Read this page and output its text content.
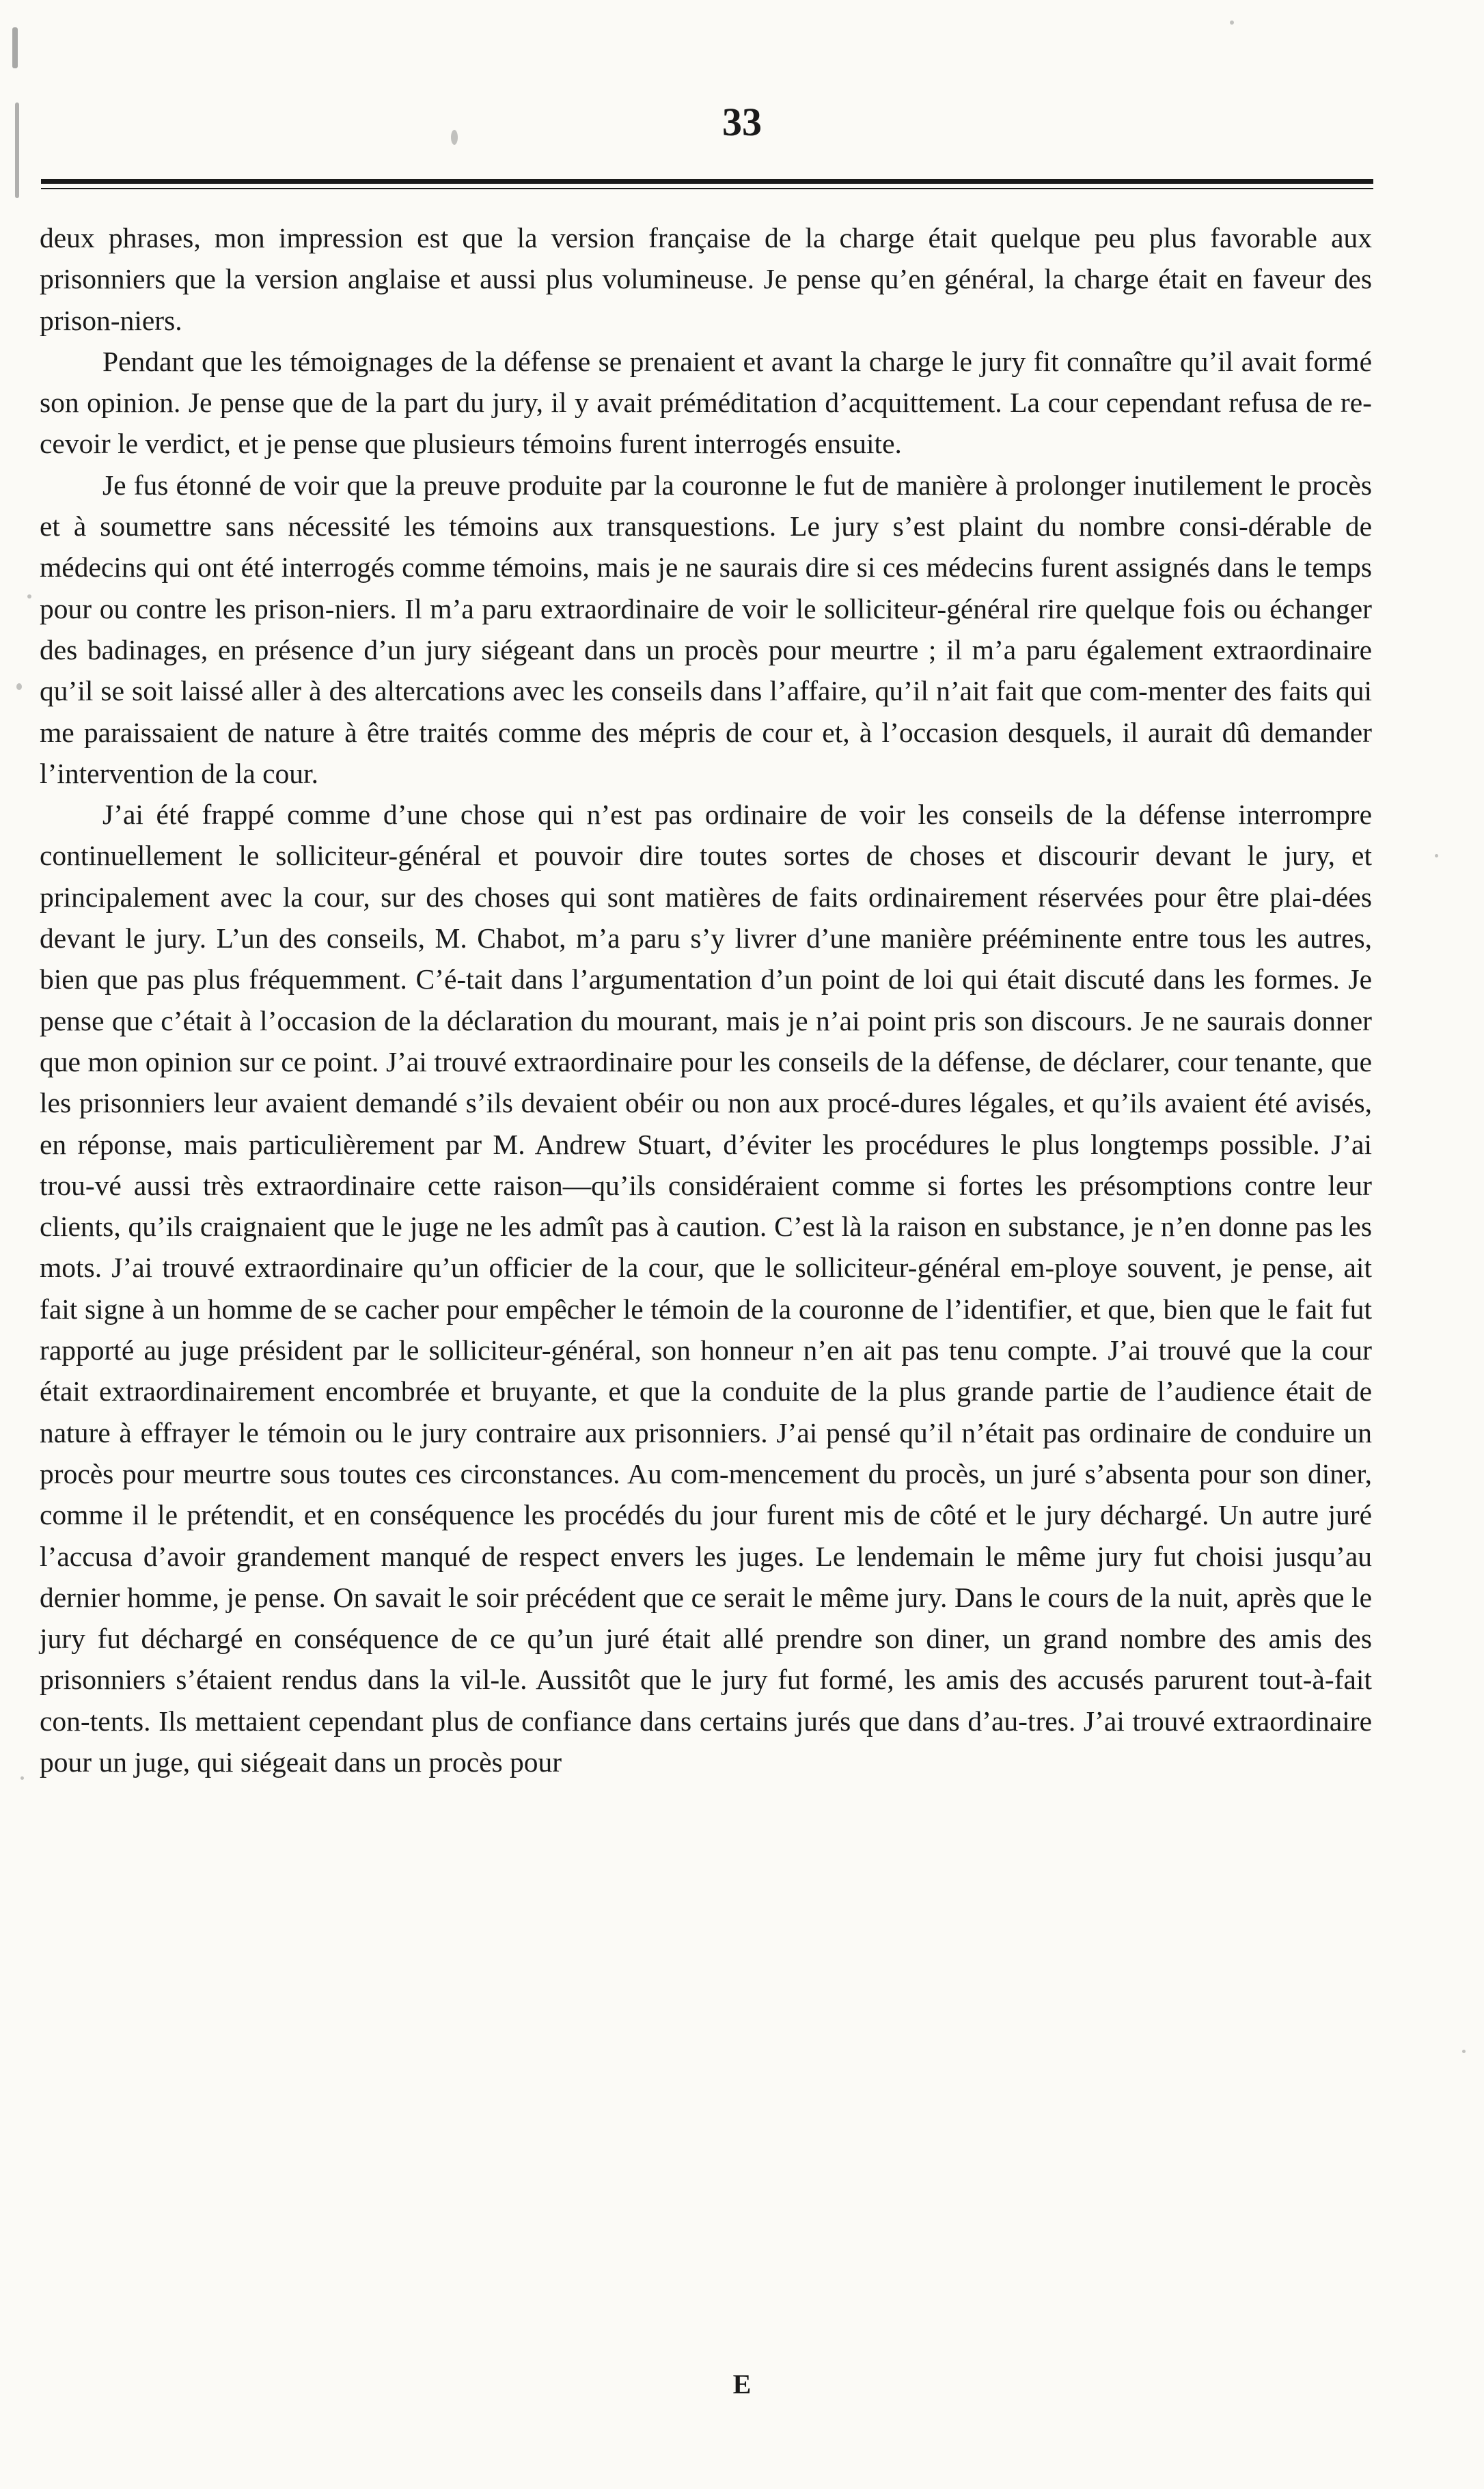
33

deux phrases, mon impression est que la version française de la charge était quelque peu plus favorable aux prisonniers que la version anglaise et aussi plus volumineuse. Je pense qu’en général, la charge était en faveur des prison-niers.

Pendant que les témoignages de la défense se prenaient et avant la charge le jury fit connaître qu’il avait formé son opinion. Je pense que de la part du jury, il y avait préméditation d’acquittement. La cour cependant refusa de re-cevoir le verdict, et je pense que plusieurs témoins furent interrogés ensuite.

Je fus étonné de voir que la preuve produite par la couronne le fut de manière à prolonger inutilement le procès et à soumettre sans nécessité les témoins aux transquestions. Le jury s’est plaint du nombre consi-dérable de médecins qui ont été interrogés comme témoins, mais je ne saurais dire si ces médecins furent assignés dans le temps pour ou contre les prison-niers. Il m’a paru extraordinaire de voir le solliciteur-général rire quelque fois ou échanger des badinages, en présence d’un jury siégeant dans un procès pour meurtre ; il m’a paru également extraordinaire qu’il se soit laissé aller à des altercations avec les conseils dans l’affaire, qu’il n’ait fait que com-menter des faits qui me paraissaient de nature à être traités comme des mépris de cour et, à l’occasion desquels, il aurait dû demander l’intervention de la cour.

J’ai été frappé comme d’une chose qui n’est pas ordinaire de voir les conseils de la défense interrompre continuellement le solliciteur-général et pouvoir dire toutes sortes de choses et discourir devant le jury, et principalement avec la cour, sur des choses qui sont matières de faits ordinairement réservées pour être plai-dées devant le jury. L’un des conseils, M. Chabot, m’a paru s’y livrer d’une manière prééminente entre tous les autres, bien que pas plus fréquemment. C’é-tait dans l’argumentation d’un point de loi qui était discuté dans les formes. Je pense que c’était à l’occasion de la déclaration du mourant, mais je n’ai point pris son discours. Je ne saurais donner que mon opinion sur ce point. J’ai trouvé extraordinaire pour les conseils de la défense, de déclarer, cour tenante, que les prisonniers leur avaient demandé s’ils devaient obéir ou non aux procé-dures légales, et qu’ils avaient été avisés, en réponse, mais particulièrement par M. Andrew Stuart, d’éviter les procédures le plus longtemps possible. J’ai trou-vé aussi très extraordinaire cette raison—qu’ils considéraient comme si fortes les présomptions contre leur clients, qu’ils craignaient que le juge ne les admît pas à caution. C’est là la raison en substance, je n’en donne pas les mots. J’ai trouvé extraordinaire qu’un officier de la cour, que le solliciteur-général em-ploye souvent, je pense, ait fait signe à un homme de se cacher pour empêcher le témoin de la couronne de l’identifier, et que, bien que le fait fut rapporté au juge président par le solliciteur-général, son honneur n’en ait pas tenu compte. J’ai trouvé que la cour était extraordinairement encombrée et bruyante, et que la conduite de la plus grande partie de l’audience était de nature à effrayer le témoin ou le jury contraire aux prisonniers. J’ai pensé qu’il n’était pas ordinaire de conduire un procès pour meurtre sous toutes ces circonstances. Au com-mencement du procès, un juré s’absenta pour son diner, comme il le prétendit, et en conséquence les procédés du jour furent mis de côté et le jury déchargé. Un autre juré l’accusa d’avoir grandement manqué de respect envers les juges. Le lendemain le même jury fut choisi jusqu’au dernier homme, je pense. On savait le soir précédent que ce serait le même jury. Dans le cours de la nuit, après que le jury fut déchargé en conséquence de ce qu’un juré était allé prendre son diner, un grand nombre des amis des prisonniers s’étaient rendus dans la vil-le. Aussitôt que le jury fut formé, les amis des accusés parurent tout-à-fait con-tents. Ils mettaient cependant plus de confiance dans certains jurés que dans d’au-tres. J’ai trouvé extraordinaire pour un juge, qui siégeait dans un procès pour

E
